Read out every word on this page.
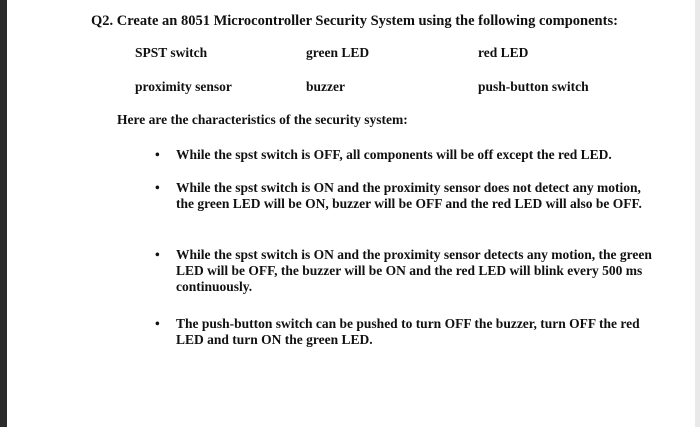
Q2. Create an 8051 Microcontroller Security System using the following components:
SPST switch	green LED	red LED
proximity sensor	buzzer	push-button switch
Here are the characteristics of the security system:
•	While the spst switch is OFF, all components will be off except the red LED.
•	While the spst switch is ON and the proximity sensor does not detect any motion, the green LED will be ON, buzzer will be OFF and the red LED will also be OFF.
•	While the spst switch is ON and the proximity sensor detects any motion, the green LED will be OFF, the buzzer will be ON and the red LED will blink every 500 ms continuously.
•	The push-button switch can be pushed to turn OFF the buzzer, turn OFF the red LED and turn ON the green LED.
